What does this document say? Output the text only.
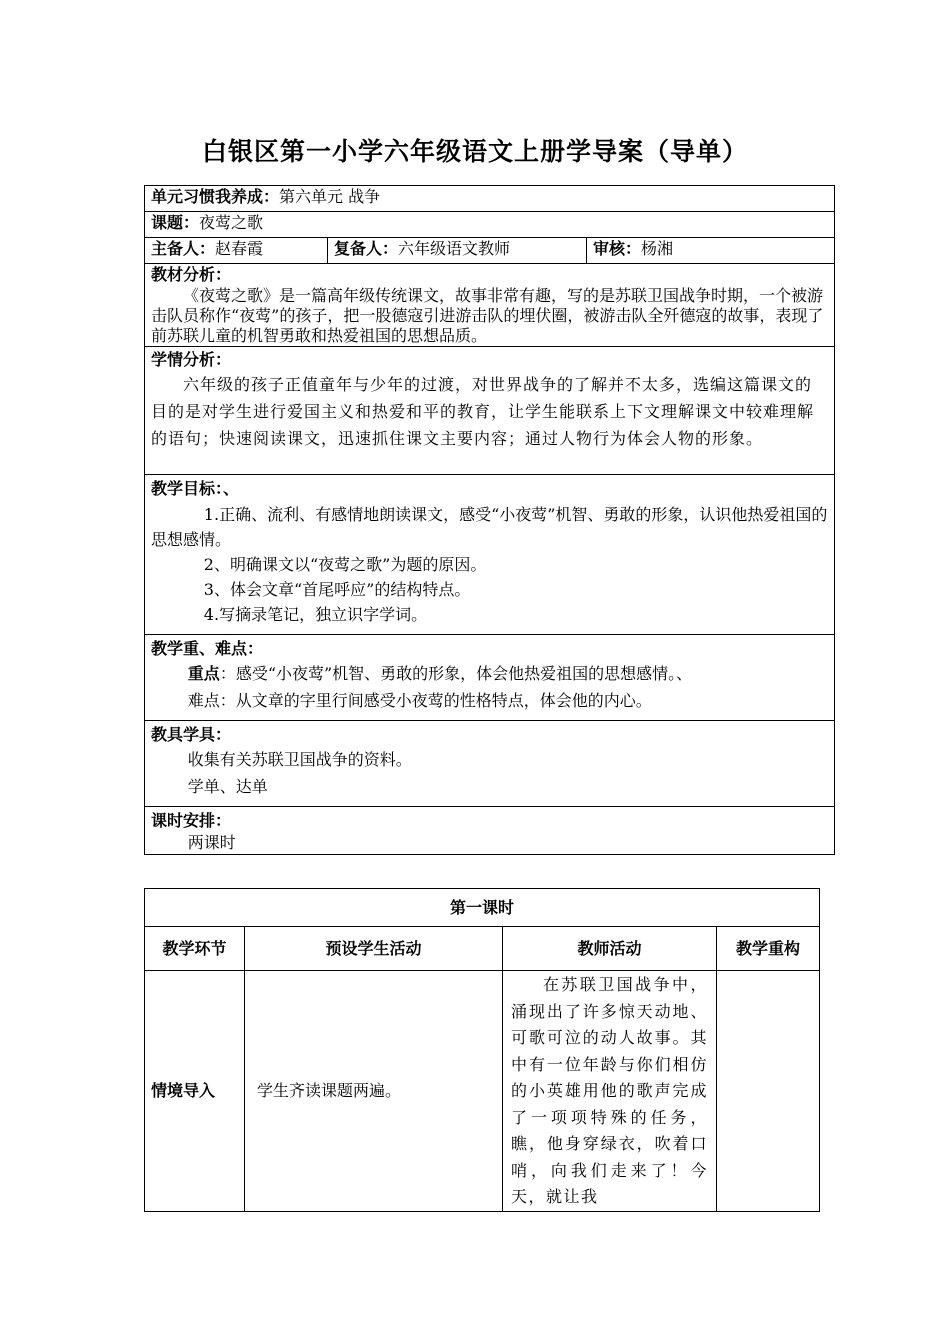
白银区第一小学六年级语文上册学导案（导单）
单元习惯我养成：第六单元 战争
课题：夜莺之歌
主备人：赵春霞	复备人：六年级语文教师	审核：杨湘

教材分析：

《夜莺之歌》是一篇高年级传统课文，故事非常有趣，写的是苏联卫国战争时期，一个被游击队员称作“夜莺”的孩子，把一股德寇引进游击队的埋伏圈，被游击队全歼德寇的故事，表现了前苏联儿童的机智勇敢和热爱祖国的思想品质。

学情分析：

六年级的孩子正值童年与少年的过渡，对世界战争的了解并不太多，选编这篇课文的目的是对学生进行爱国主义和热爱和平的教育，让学生能联系上下文理解课文中较难理解的语句；快速阅读课文，迅速抓住课文主要内容；通过人物行为体会人物的形象。

教学目标：、

1.正确、流利、有感情地朗读课文，感受“小夜莺”机智、勇敢的形象，认识他热爱祖国的思想感情。

2、明确课文以“夜莺之歌”为题的原因。

3、体会文章“首尾呼应”的结构特点。

4.写摘录笔记，独立识字学词。

教学重、难点：

重点：感受“小夜莺”机智、勇敢的形象，体会他热爱祖国的思想感情。、

难点：从文章的字里行间感受小夜莺的性格特点，体会他的内心。

教具学具：

收集有关苏联卫国战争的资料。

学单、达单

课时安排：

两课时

第一课时			
教学环节	预设学生活动	教师活动	教学重构
情境导入	学生齐读课题两遍。	在苏联卫国战争中，涌现出了许多惊天动地、可歌可泣的动人故事。其中有一位年龄与你们相仿的小英雄用他的歌声完成了一项项特殊的任务，瞧，他身穿绿衣，吹着口哨，向我们走来了！今天，就让我	
